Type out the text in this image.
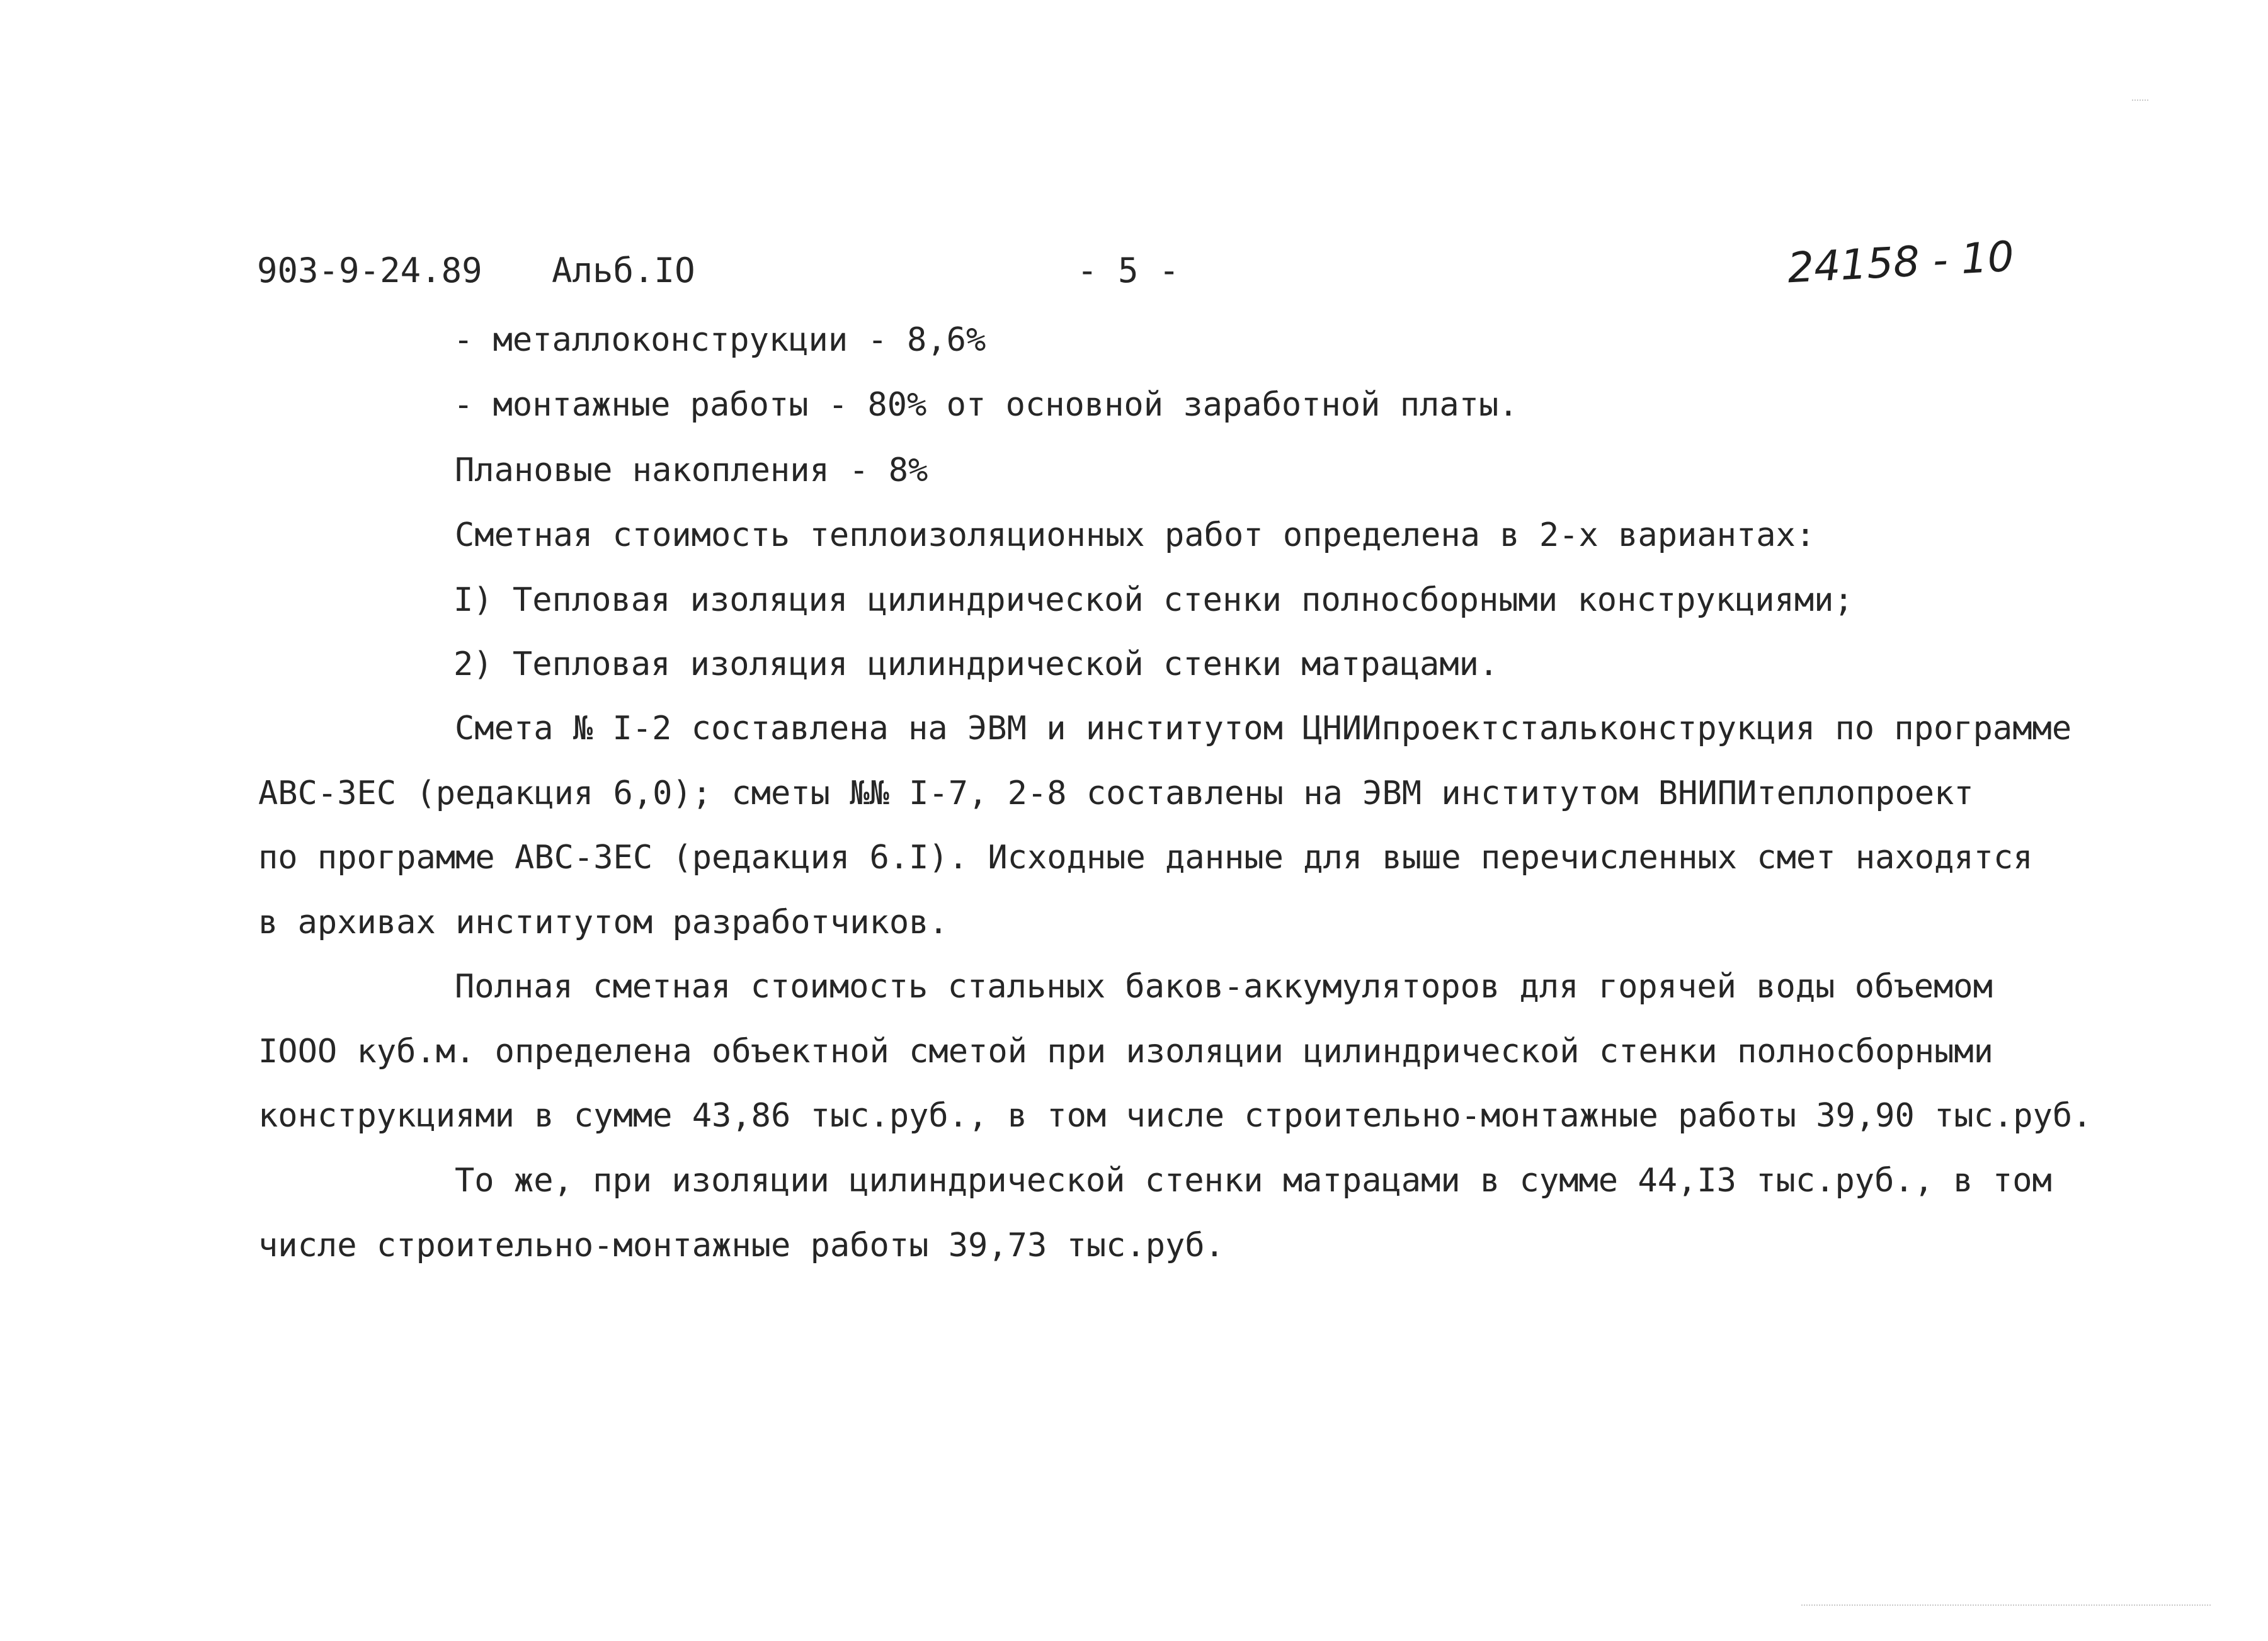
903-9-24.89 Альб.IO	- 5 -	24158 - 10
- металлоконструкции - 8,6%
- монтажные работы - 80% от основной заработной платы.
Плановые накопления - 8%
Сметная стоимость теплоизоляционных работ определена в 2-х вариантах:
I) Тепловая изоляция цилиндрической стенки полносборными конструкциями;
2) Тепловая изоляция цилиндрической стенки матрацами.
Смета № I-2 составлена на ЭВМ и институтом ЦНИИпроектстальконструкция по программе
АВС-ЗЕС (редакция 6,0); сметы №№ I-7, 2-8 составлены на ЭВМ институтом ВНИПИтеплопроект
по программе АВС-ЗЕС (редакция 6.I). Исходные данные для выше перечисленных смет находятся
в архивах институтом разработчиков.
Полная сметная стоимость стальных баков-аккумуляторов для горячей воды объемом
IOOO куб.м. определена объектной сметой при изоляции цилиндрической стенки полносборными
конструкциями в сумме 43,86 тыс.руб., в том числе строительно-монтажные работы 39,90 тыс.руб.
То же, при изоляции цилиндрической стенки матрацами в сумме 44,I3 тыс.руб., в том
числе строительно-монтажные работы 39,73 тыс.руб.
